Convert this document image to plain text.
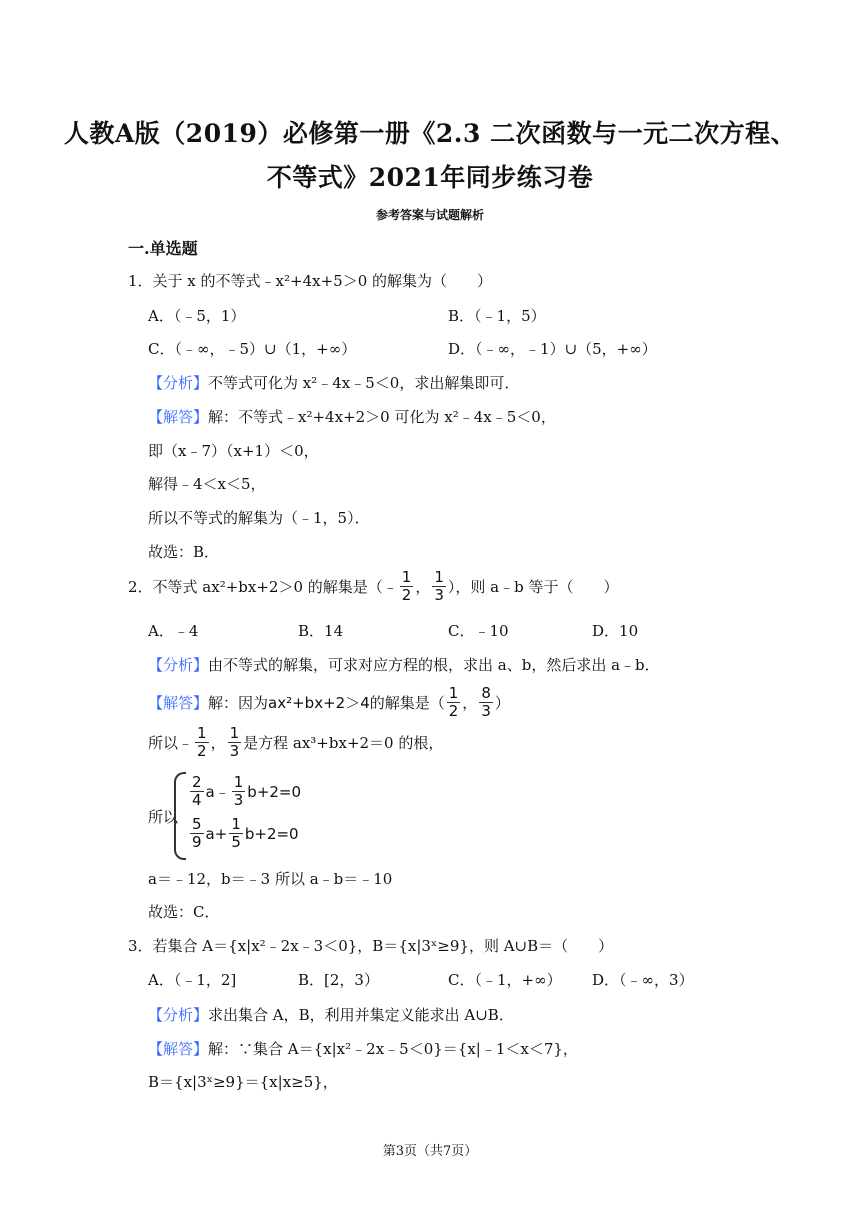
人教A版（2019）必修第一册《2.3 二次函数与一元二次方程、
不等式》2021年同步练习卷
参考答案与试题解析
一.单选题
1．关于 x 的不等式﹣x²+4x+5＞0 的解集为（　　）
A．（﹣5，1）	B．（﹣1，5）
C．（﹣∞，﹣5）∪（1，+∞）	D．（﹣∞，﹣1）∪（5，+∞）
【分析】不等式可化为 x²﹣4x﹣5＜0，求出解集即可．
【解答】解：不等式﹣x²+4x+2＞0 可化为 x²﹣4x﹣5＜0，
即（x﹣7）（x+1）＜0，
解得﹣4＜x＜5，
所以不等式的解集为（﹣1，5）．
故选：B．
2．不等式 ax²+bx+2＞0 的解集是（﹣ $\frac{1}{2}$ ， $\frac{1}{3}$ ），则 a﹣b 等于（　　）
A．﹣4	B．14	C．﹣10	D．10
【分析】由不等式的解集，可求对应方程的根，求出 a、b，然后求出 a﹣b．
【解答】 解：因为 ax²+bx+2＞4的解集是（ $\frac{1}{2}$ ， $\frac{8}{3}$ ）
所以﹣ $\frac{1}{2}$ ， $\frac{1}{3}$ 是方程 ax³+bx+2＝0 的根，
所以
$\frac{2}{4}$ a﹣ $\frac{1}{3} b+2=0$
$\frac{5}{9} a+ \frac{1}{5} b+2=0$
a＝﹣12，b＝﹣3 所以 a﹣b＝﹣10
故选：C．
3．若集合 A＝{x|x²﹣2x﹣3＜0}，B＝{x|3ˣ≥9}，则 A∪B＝（　　）
A．（﹣1，2]	B．[2，3）	C．（﹣1，+∞） D．（﹣∞，3）
【分析】求出集合 A，B，利用并集定义能求出 A∪B．
【解答】解：∵集合 A＝{x|x²﹣2x﹣5＜0}＝{x|﹣1＜x＜7}，
B＝{x|3ˣ≥9}＝{x|x≥5}，
第3页（共7页）
